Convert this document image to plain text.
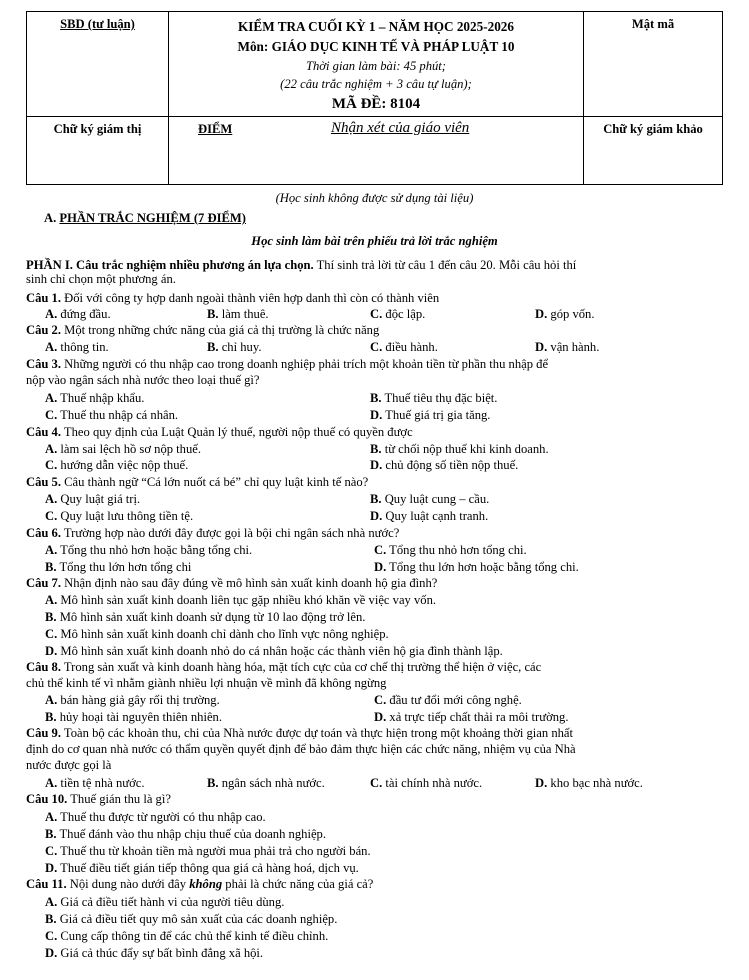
SBD (tư luận)	KIỂM TRA CUỐI KỲ 1 – NĂM HỌC 2025-2026
Môn: GIÁO DỤC KINH TẾ VÀ PHÁP LUẬT 10
Thời gian làm bài: 45 phút;
(22 câu trắc nghiệm + 3 câu tự luận);
MÃ ĐỀ: 8104	Mật mã

Chữ ký giám thị	ĐIỂM Nhận xét của giáo viên	Chữ ký giám khảo
(Học sinh không được sử dụng tài liệu)
A. PHẦN TRẮC NGHIỆM (7 ĐIỂM)
Học sinh làm bài trên phiếu trả lời trắc nghiệm
PHẦN I. Câu trắc nghiệm nhiều phương án lựa chọn. Thí sinh trả lời từ câu 1 đến câu 20. Mỗi câu hỏi thí
sinh chỉ chọn một phương án.
Câu 1. Đối với công ty hợp danh ngoài thành viên hợp danh thì còn có thành viên
A. đứng đầu.	B. làm thuê.	C. độc lập.	D. góp vốn.
Câu 2. Một trong những chức năng của giá cả thị trường là chức năng
A. thông tin.	B. chỉ huy.	C. điều hành.	D. vận hành.
Câu 3. Những người có thu nhập cao trong doanh nghiệp phải trích một khoản tiền từ phần thu nhập để
nộp vào ngân sách nhà nước theo loại thuế gì?
A. Thuế nhập khẩu.	B. Thuế tiêu thụ đặc biệt.
C. Thuế thu nhập cá nhân.	D. Thuế giá trị gia tăng.
Câu 4. Theo quy định của Luật Quản lý thuế, người nộp thuế có quyền được
A. làm sai lệch hồ sơ nộp thuế.	B. từ chối nộp thuế khi kinh doanh.
C. hướng dẫn việc nộp thuế.	D. chủ động số tiền nộp thuế.
Câu 5. Câu thành ngữ “Cá lớn nuốt cá bé” chỉ quy luật kinh tế nào?
A. Quy luật giá trị.	B. Quy luật cung – cầu.
C. Quy luật lưu thông tiền tệ.	D. Quy luật cạnh tranh.
Câu 6. Trường hợp nào dưới đây được gọi là bội chi ngân sách nhà nước?
A. Tổng thu nhỏ hơn hoặc bằng tổng chi.	C. Tổng thu nhỏ hơn tổng chi.
B. Tổng thu lớn hơn tổng chi	D. Tổng thu lớn hơn hoặc bằng tổng chi.
Câu 7. Nhận định nào sau đây đúng về mô hình sản xuất kinh doanh hộ gia đình?
A. Mô hình sản xuất kinh doanh liên tục gặp nhiều khó khăn về việc vay vốn.
B. Mô hình sản xuất kinh doanh sử dụng từ 10 lao động trở lên.
C. Mô hình sản xuất kinh doanh chỉ dành cho lĩnh vực nông nghiệp.
D. Mô hình sản xuất kinh doanh nhỏ do cá nhân hoặc các thành viên hộ gia đình thành lập.
Câu 8. Trong sản xuất và kinh doanh hàng hóa, mặt tích cực của cơ chế thị trường thể hiện ở việc, các
chủ thể kinh tế vì nhằm giành nhiều lợi nhuận về mình đã không ngừng
A. bán hàng giả gây rối thị trường.	C. đầu tư đổi mới công nghệ.
B. hủy hoại tài nguyên thiên nhiên.	D. xả trực tiếp chất thải ra môi trường.
Câu 9. Toàn bộ các khoản thu, chi của Nhà nước được dự toán và thực hiện trong một khoảng thời gian nhất
định do cơ quan nhà nước có thẩm quyền quyết định để bảo đảm thực hiện các chức năng, nhiệm vụ của Nhà
nước được gọi là
A. tiền tệ nhà nước.	B. ngân sách nhà nước.	C. tài chính nhà nước.	D. kho bạc nhà nước.
Câu 10. Thuế gián thu là gì?
A. Thuế thu được từ người có thu nhập cao.
B. Thuế đánh vào thu nhập chịu thuế của doanh nghiệp.
C. Thuế thu từ khoản tiền mà người mua phải trả cho người bán.
D. Thuế điều tiết gián tiếp thông qua giá cả hàng hoá, dịch vụ.
Câu 11. Nội dung nào dưới đây không phải là chức năng của giá cả?
A. Giá cả điều tiết hành vi của người tiêu dùng.
B. Giá cả điều tiết quy mô sản xuất của các doanh nghiệp.
C. Cung cấp thông tin để các chủ thể kinh tế điều chỉnh.
D. Giá cả thúc đẩy sự bất bình đẳng xã hội.
